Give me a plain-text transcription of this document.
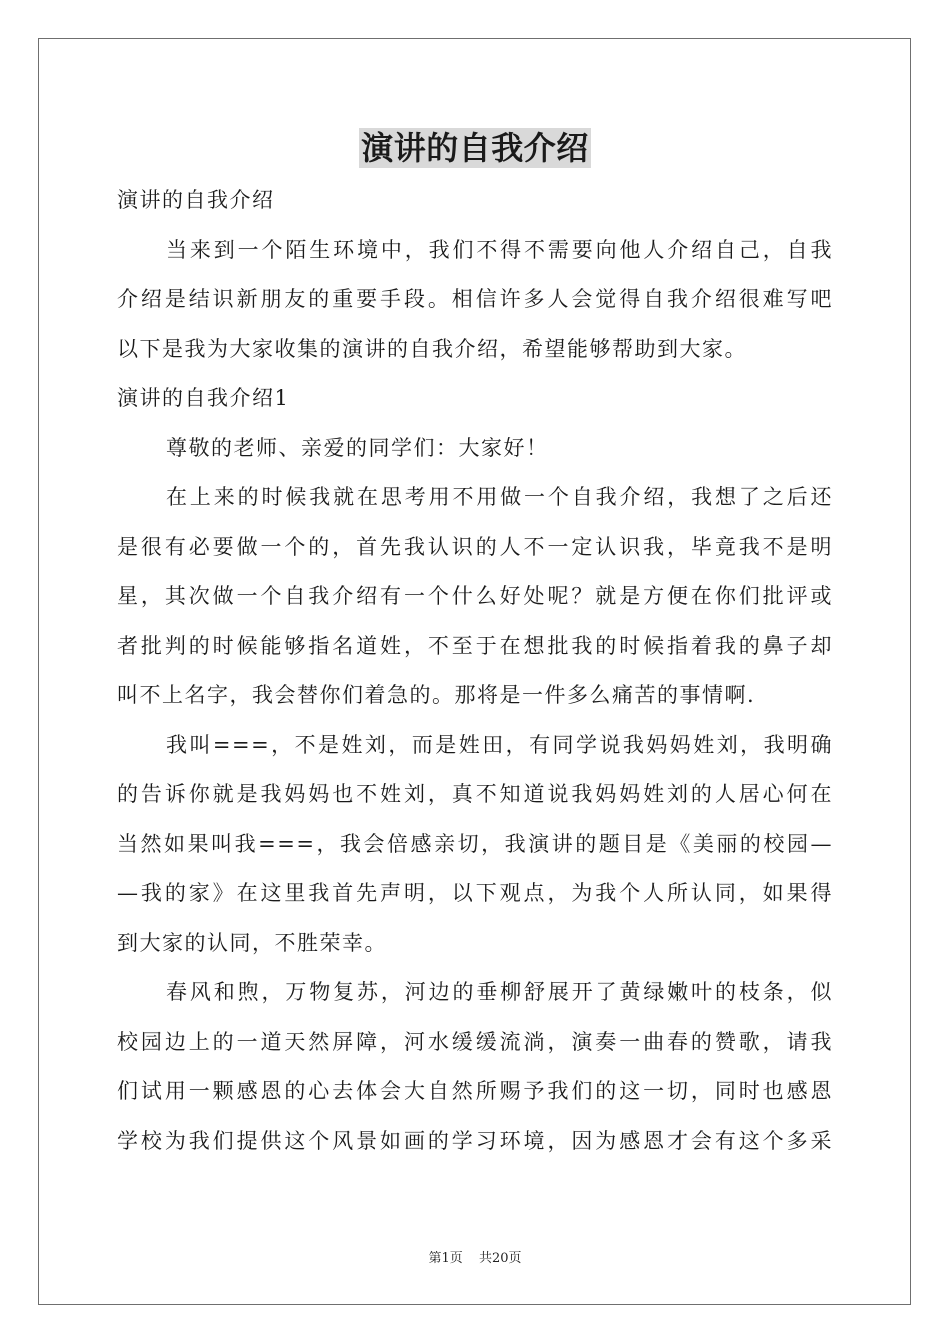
演讲的自我介绍
演讲的自我介绍
当来到一个陌生环境中，我们不得不需要向他人介绍自己，自我
介绍是结识新朋友的重要手段。相信许多人会觉得自我介绍很难写吧
以下是我为大家收集的演讲的自我介绍，希望能够帮助到大家。
演讲的自我介绍1
尊敬的老师、亲爱的同学们：大家好！
在上来的时候我就在思考用不用做一个自我介绍，我想了之后还
是很有必要做一个的，首先我认识的人不一定认识我，毕竟我不是明
星，其次做一个自我介绍有一个什么好处呢？就是方便在你们批评或
者批判的时候能够指名道姓，不至于在想批我的时候指着我的鼻子却
叫不上名字，我会替你们着急的。那将是一件多么痛苦的事情啊.
我叫===，不是姓刘，而是姓田，有同学说我妈妈姓刘，我明确
的告诉你就是我妈妈也不姓刘，真不知道说我妈妈姓刘的人居心何在
当然如果叫我===，我会倍感亲切，我演讲的题目是《美丽的校园—
—我的家》在这里我首先声明，以下观点，为我个人所认同，如果得
到大家的认同，不胜荣幸。
春风和煦，万物复苏，河边的垂柳舒展开了黄绿嫩叶的枝条，似
校园边上的一道天然屏障，河水缓缓流淌，演奏一曲春的赞歌，请我
们试用一颗感恩的心去体会大自然所赐予我们的这一切，同时也感恩
学校为我们提供这个风景如画的学习环境，因为感恩才会有这个多采
第1页 共20页
